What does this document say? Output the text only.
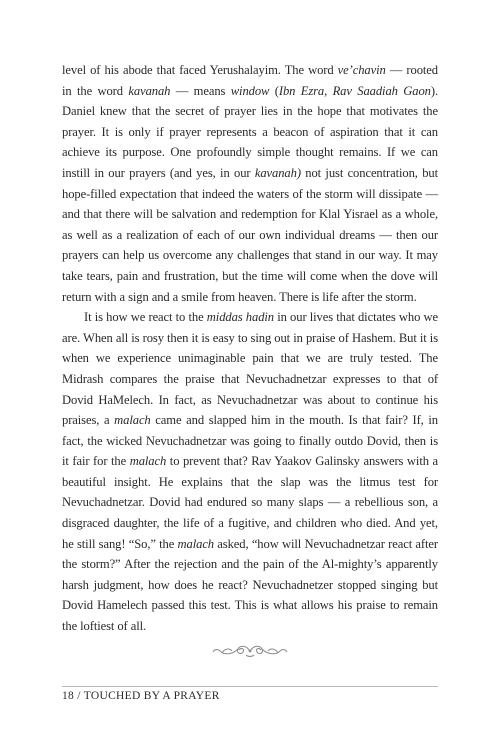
level of his abode that faced Yerushalayim. The word ve’chavin — rooted in the word kavanah — means window (Ibn Ezra, Rav Saadiah Gaon). Daniel knew that the secret of prayer lies in the hope that motivates the prayer. It is only if prayer represents a beacon of aspiration that it can achieve its purpose. One profoundly simple thought remains. If we can instill in our prayers (and yes, in our kavanah) not just concentration, but hope-filled expectation that indeed the waters of the storm will dissipate — and that there will be salvation and redemption for Klal Yisrael as a whole, as well as a realization of each of our own individual dreams — then our prayers can help us overcome any challenges that stand in our way. It may take tears, pain and frustration, but the time will come when the dove will return with a sign and a smile from heaven. There is life after the storm.

It is how we react to the middas hadin in our lives that dictates who we are. When all is rosy then it is easy to sing out in praise of Hashem. But it is when we experience unimaginable pain that we are truly tested. The Midrash compares the praise that Nevuchadnetzar expresses to that of Dovid HaMelech. In fact, as Nevuchadnetzar was about to continue his praises, a malach came and slapped him in the mouth. Is that fair? If, in fact, the wicked Nevuchadnetzar was going to finally outdo Dovid, then is it fair for the malach to prevent that? Rav Yaakov Galinsky answers with a beautiful insight. He explains that the slap was the litmus test for Nevuchadnetzar. Dovid had endured so many slaps — a rebellious son, a disgraced daughter, the life of a fugitive, and children who died. And yet, he still sang! “So,” the malach asked, “how will Nevuchadnetzar react after the storm?” After the rejection and the pain of the Al-mighty’s apparently harsh judgment, how does he react? Nevuchadnetzer stopped singing but Dovid Hamelech passed this test. This is what allows his praise to remain the loftiest of all.

18 / TOUCHED BY A PRAYER
